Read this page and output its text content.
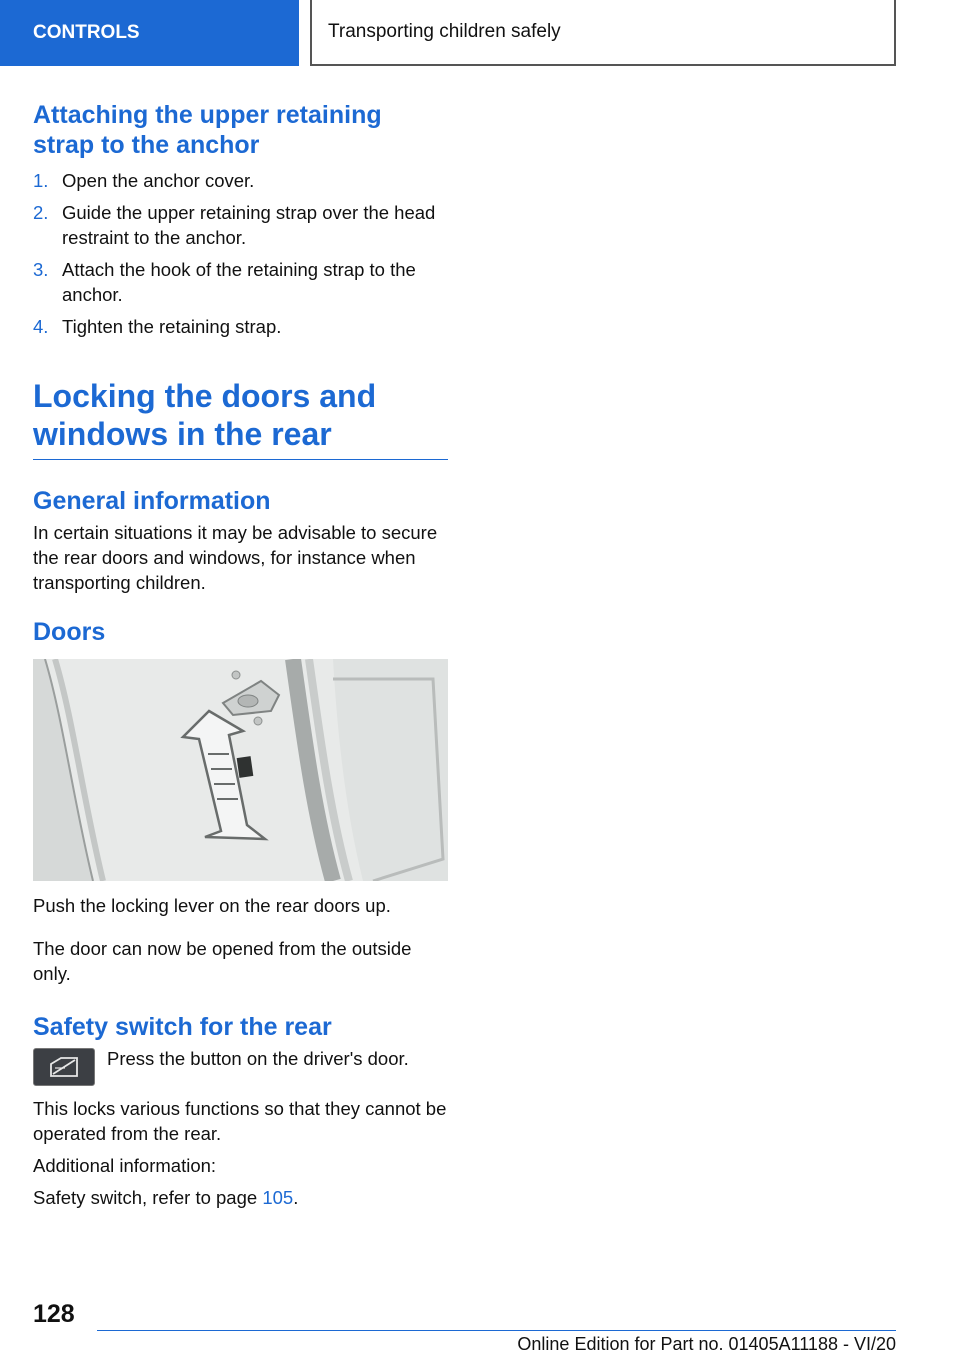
CONTROLS	Transporting children safely
Attaching the upper retaining strap to the anchor
1. Open the anchor cover.
2. Guide the upper retaining strap over the head restraint to the anchor.
3. Attach the hook of the retaining strap to the anchor.
4. Tighten the retaining strap.
Locking the doors and windows in the rear
General information

In certain situations it may be advisable to secure the rear doors and windows, for instance when transporting children.

Doors

Push the locking lever on the rear doors up.

The door can now be opened from the outside only.

Safety switch for the rear

Press the button on the driver's door.

This locks various functions so that they cannot be operated from the rear.

Additional information:

Safety switch, refer to page 105.

128
Online Edition for Part no. 01405A11188 - VI/20
